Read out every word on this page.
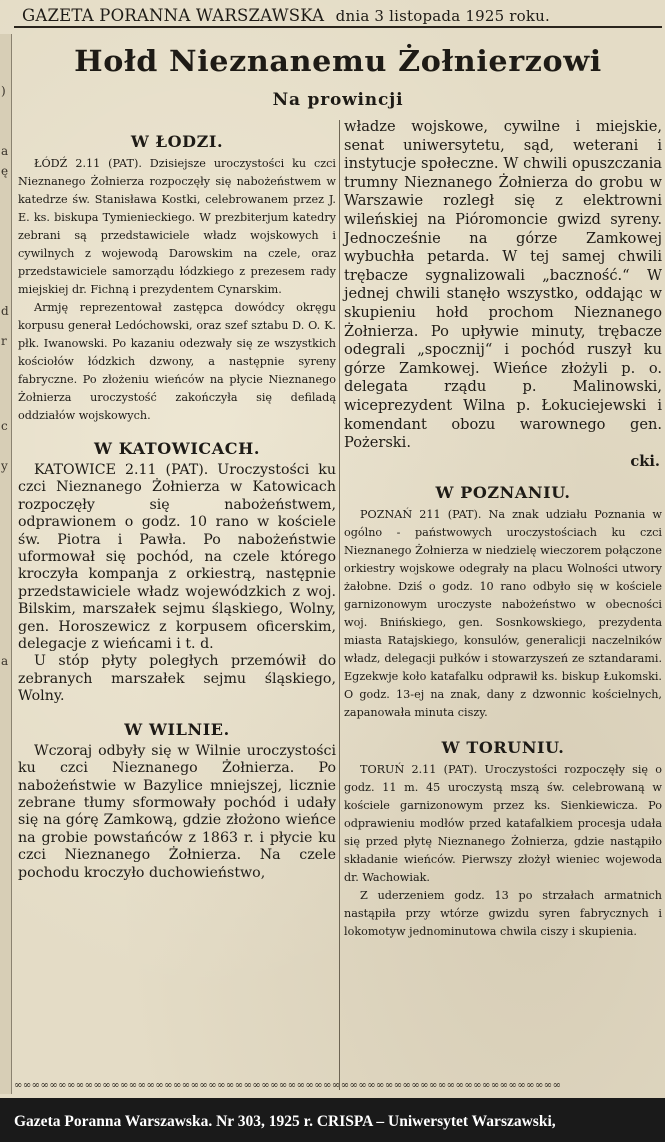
)
a
ę
d
r
c
y
a
GAZETA PORANNA WARSZAWSKA dnia 3 listopada 1925 roku.
Hołd Nieznanemu Żołnierzowi
Na prowincji
W ŁODZI.

ŁÓDŹ 2.11 (PAT). Dzisiejsze uroczystości ku czci Nieznanego Żołnierza rozpoczęły się nabożeństwem w katedrze św. Stanisława Kostki, celebrowanem przez J. E. ks. biskupa Tymienieckiego. W prezbiterjum katedry zebrani są przedstawiciele władz wojskowych i cywilnych z wojewodą Darowskim na czele, oraz przedstawiciele samorządu łódzkiego z prezesem rady miejskiej dr. Fichną i prezydentem Cynarskim.

Armję reprezentował zastępca dowódcy okręgu korpusu generał Ledóchowski, oraz szef sztabu D. O. K. płk. Iwanowski. Po kazaniu odezwały się ze wszystkich kościołów łódzkich dzwony, a następnie syreny fabryczne. Po złożeniu wieńców na płycie Nieznanego Żołnierza uroczystość zakończyła się defiladą oddziałów wojskowych.

W KATOWICACH.

KATOWICE 2.11 (PAT). Uroczystości ku czci Nieznanego Żołnierza w Katowicach rozpoczęły się nabożeństwem, odprawionem o godz. 10 rano w kościele św. Piotra i Pawła. Po nabożeństwie uformował się pochód, na czele którego kroczyła kompanja z orkiestrą, następnie przedstawiciele władz wojewódzkich z woj. Bilskim, marszałek sejmu śląskiego, Wolny, gen. Horoszewicz z korpusem oficerskim, delegacje z wieńcami i t. d.

U stóp płyty poległych przemówił do zebranych marszałek sejmu śląskiego, Wolny.

W WILNIE.

Wczoraj odbyły się w Wilnie uroczystości ku czci Nieznanego Żołnierza. Po nabożeństwie w Bazylice mniejszej, licznie zebrane tłumy sformowały pochód i udały się na górę Zamkową, gdzie złożono wieńce na grobie powstańców z 1863 r. i płycie ku czci Nieznanego Żołnierza. Na czele pochodu kroczyło duchowieństwo,

władze wojskowe, cywilne i miejskie, senat uniwersytetu, sąd, weterani i instytucje społeczne. W chwili opuszczania trumny Nieznanego Żołnierza do grobu w Warszawie rozległ się z elektrowni wileńskiej na Pióromoncie gwizd syreny. Jednocześnie na górze Zamkowej wybuchła petarda. W tej samej chwili trębacze sygnalizowali „baczność.“ W jednej chwili stanęło wszystko, oddając w skupieniu hołd prochom Nieznanego Żołnierza. Po upływie minuty, trębacze odegrali „spocznij“ i pochód ruszył ku górze Zamkowej. Wieńce złożyli p. o. delegata rządu p. Malinowski, wiceprezydent Wilna p. Łokuciejewski i komendant obozu warownego gen. Pożerski.

cki.
W POZNANIU.

POZNAŃ 211 (PAT). Na znak udziału Poznania w ogólno - państwowych uroczystościach ku czci Nieznanego Żołnierza w niedzielę wieczorem połączone orkiestry wojskowe odegrały na placu Wolności utwory żałobne. Dziś o godz. 10 rano odbyło się w kościele garnizonowym uroczyste nabożeństwo w obecności woj. Bnińskiego, gen. Sosnkowskiego, prezydenta miasta Ratajskiego, konsulów, generalicji naczelników władz, delegacji pułków i stowarzyszeń ze sztandarami. Egzekwje koło katafalku odprawił ks. biskup Łukomski. O godz. 13-ej na znak, dany z dzwonnic kościelnych, zapanowała minuta ciszy.

W TORUNIU.

TORUŃ 2.11 (PAT). Uroczystości rozpoczęły się o godz. 11 m. 45 uroczystą mszą św. celebrowaną w kościele garnizonowym przez ks. Sienkiewicza. Po odprawieniu modłów przed katafalkiem procesja udała się przed płytę Nieznanego Żołnierza, gdzie nastąpiło składanie wieńców. Pierwszy złożył wieniec wojewoda dr. Wachowiak.

Z uderzeniem godz. 13 po strzałach armatnich nastąpiła przy wtórze gwizdu syren fabrycznych i lokomotyw jednominutowa chwila ciszy i skupienia.

∞∞∞∞∞∞∞∞∞∞∞∞∞∞∞∞∞∞∞∞∞∞∞∞∞∞∞∞∞∞∞∞∞∞∞∞∞∞∞∞∞∞∞∞∞∞∞∞∞∞∞∞∞∞∞∞∞∞∞∞∞∞
Gazeta Poranna Warszawska. Nr 303, 1925 r. CRISPA – Uniwersytet Warszawski,
